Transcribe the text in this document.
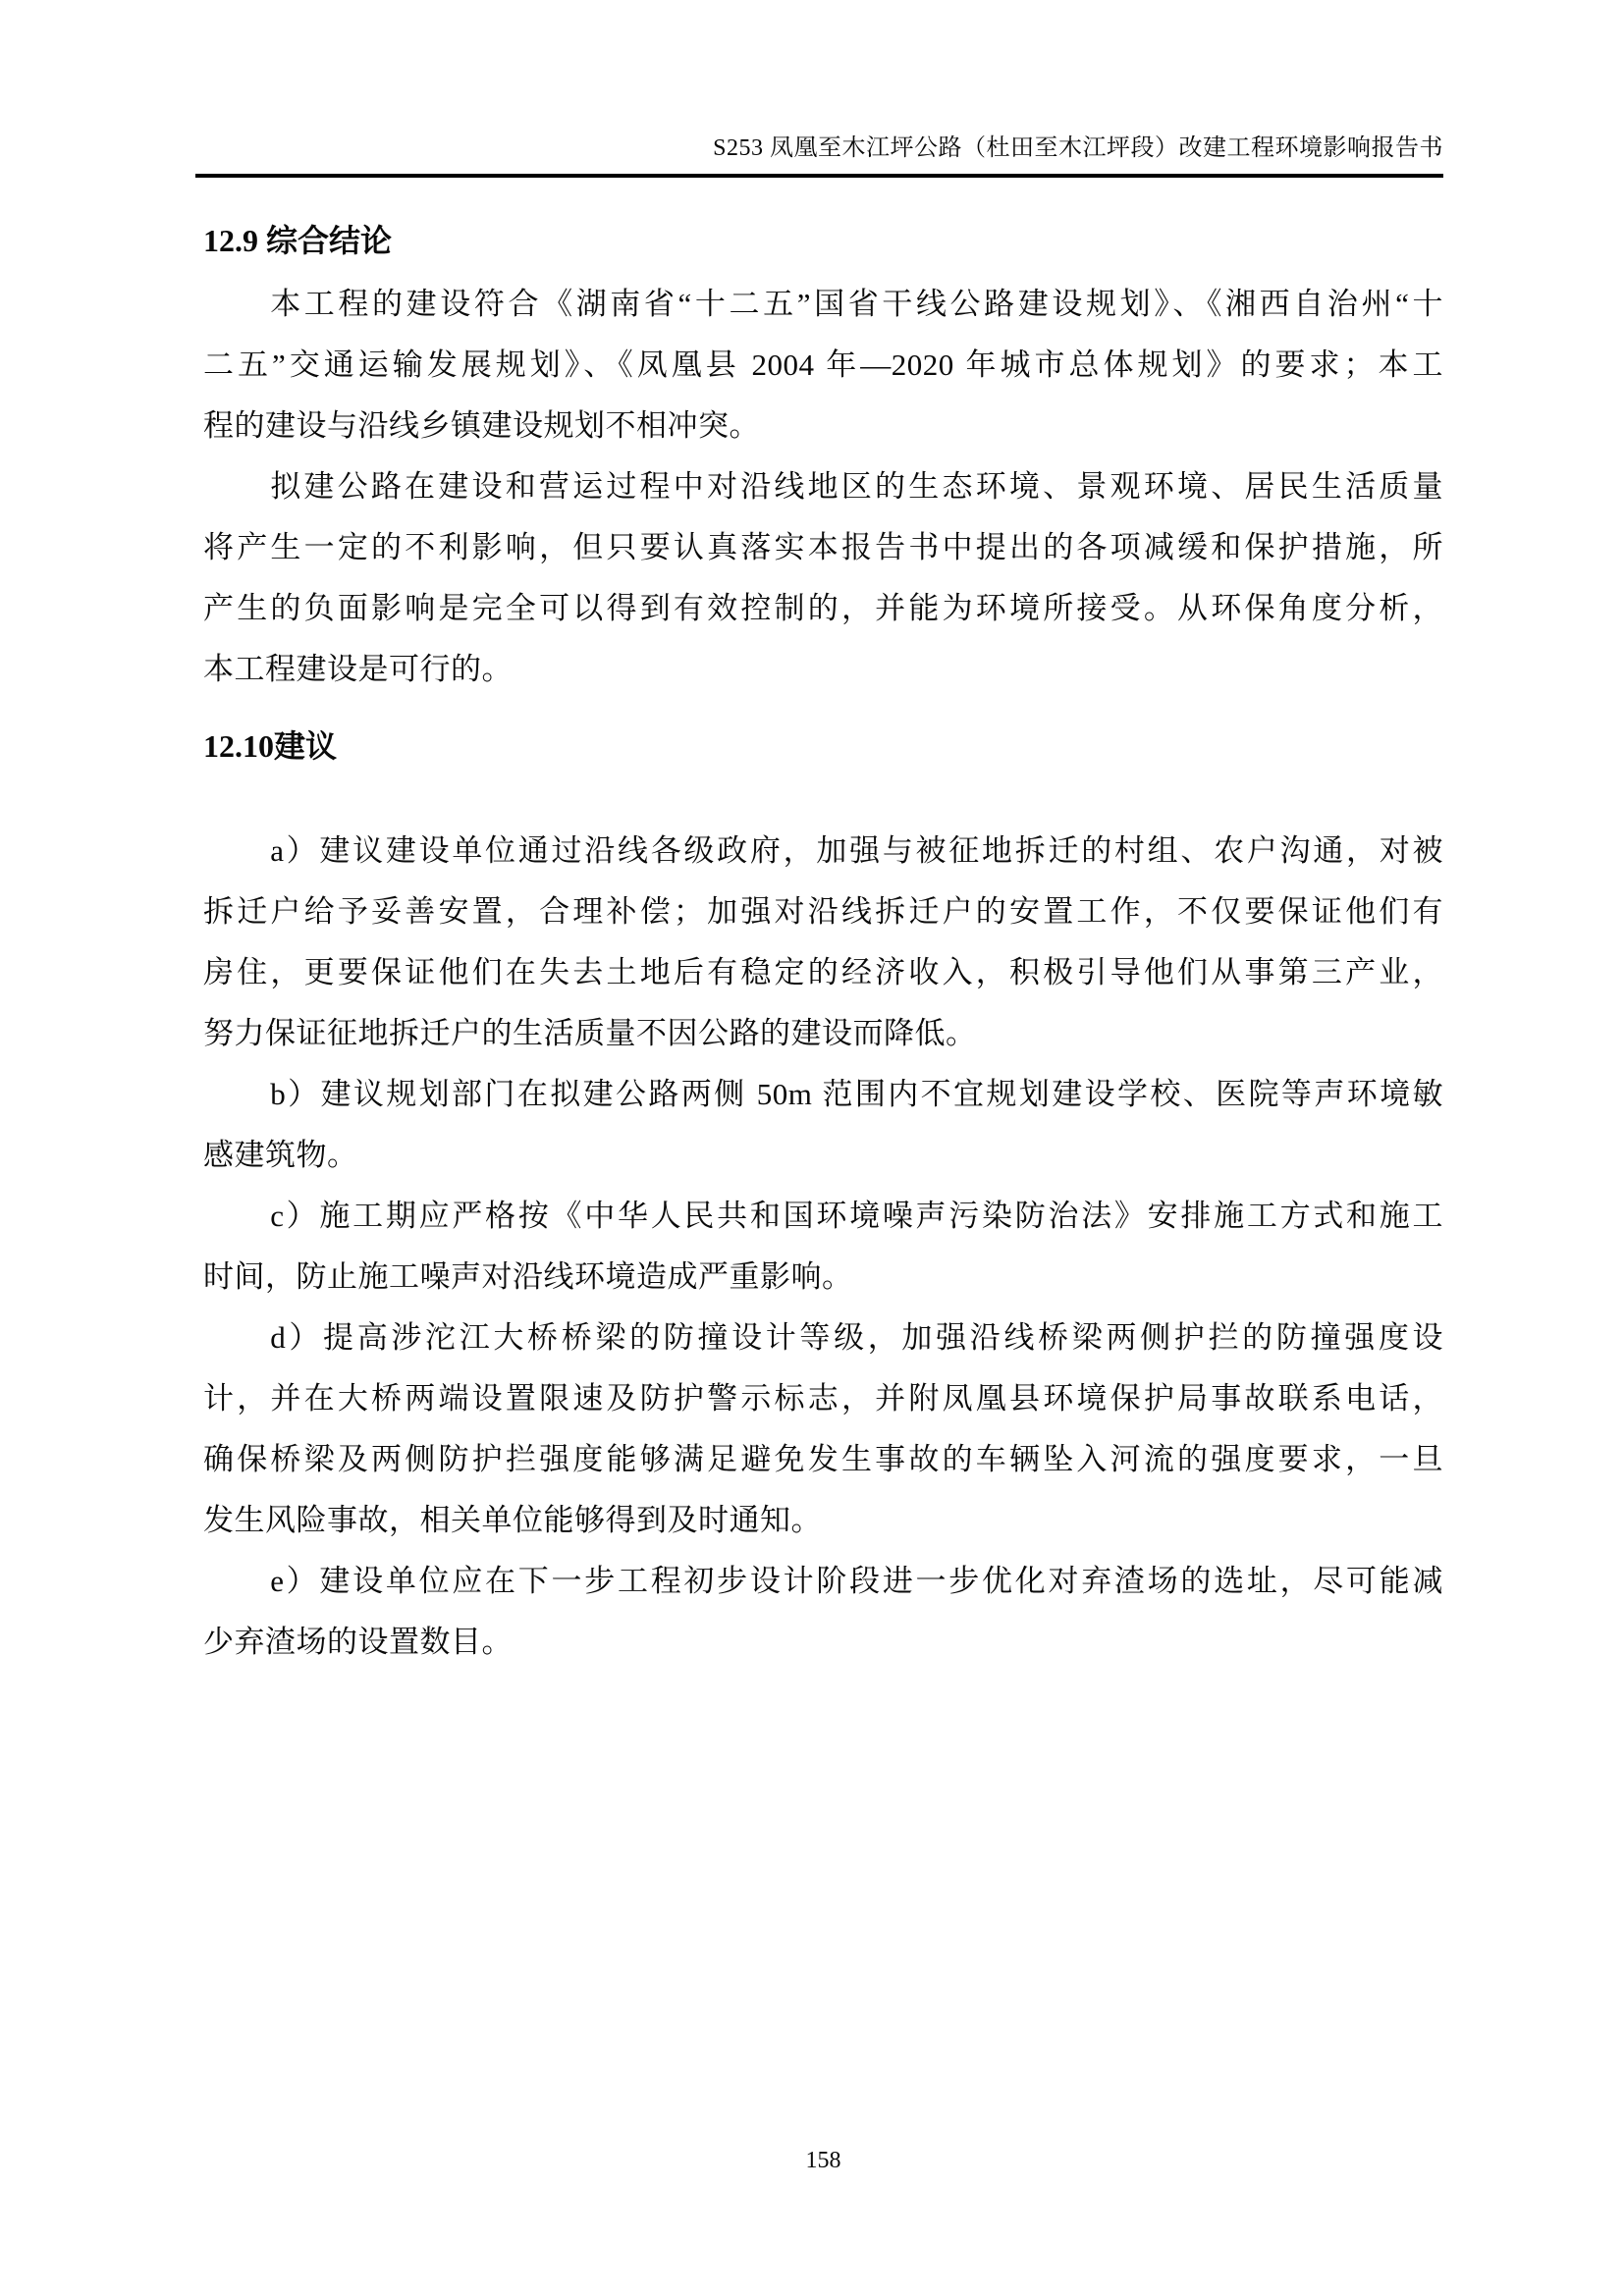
S253 凤凰至木江坪公路（杜田至木江坪段）改建工程环境影响报告书
12.9 综合结论
本工程的建设符合《湖南省“十二五”国省干线公路建设规划》、《湘西自治州“十
二五”交通运输发展规划》、《凤凰县 2004 年—2020 年城市总体规划》的要求；本工
程的建设与沿线乡镇建设规划不相冲突。
拟建公路在建设和营运过程中对沿线地区的生态环境、景观环境、居民生活质量
将产生一定的不利影响，但只要认真落实本报告书中提出的各项减缓和保护措施，所
产生的负面影响是完全可以得到有效控制的，并能为环境所接受。从环保角度分析，
本工程建设是可行的。
12.10建议
a）建议建设单位通过沿线各级政府，加强与被征地拆迁的村组、农户沟通，对被
拆迁户给予妥善安置，合理补偿；加强对沿线拆迁户的安置工作，不仅要保证他们有
房住，更要保证他们在失去土地后有稳定的经济收入，积极引导他们从事第三产业，
努力保证征地拆迁户的生活质量不因公路的建设而降低。
b）建议规划部门在拟建公路两侧 50m 范围内不宜规划建设学校、医院等声环境敏
感建筑物。
c）施工期应严格按《中华人民共和国环境噪声污染防治法》安排施工方式和施工
时间，防止施工噪声对沿线环境造成严重影响。
d）提高涉沱江大桥桥梁的防撞设计等级，加强沿线桥梁两侧护拦的防撞强度设
计，并在大桥两端设置限速及防护警示标志，并附凤凰县环境保护局事故联系电话，
确保桥梁及两侧防护拦强度能够满足避免发生事故的车辆坠入河流的强度要求，一旦
发生风险事故，相关单位能够得到及时通知。
e）建设单位应在下一步工程初步设计阶段进一步优化对弃渣场的选址，尽可能减
少弃渣场的设置数目。
158
